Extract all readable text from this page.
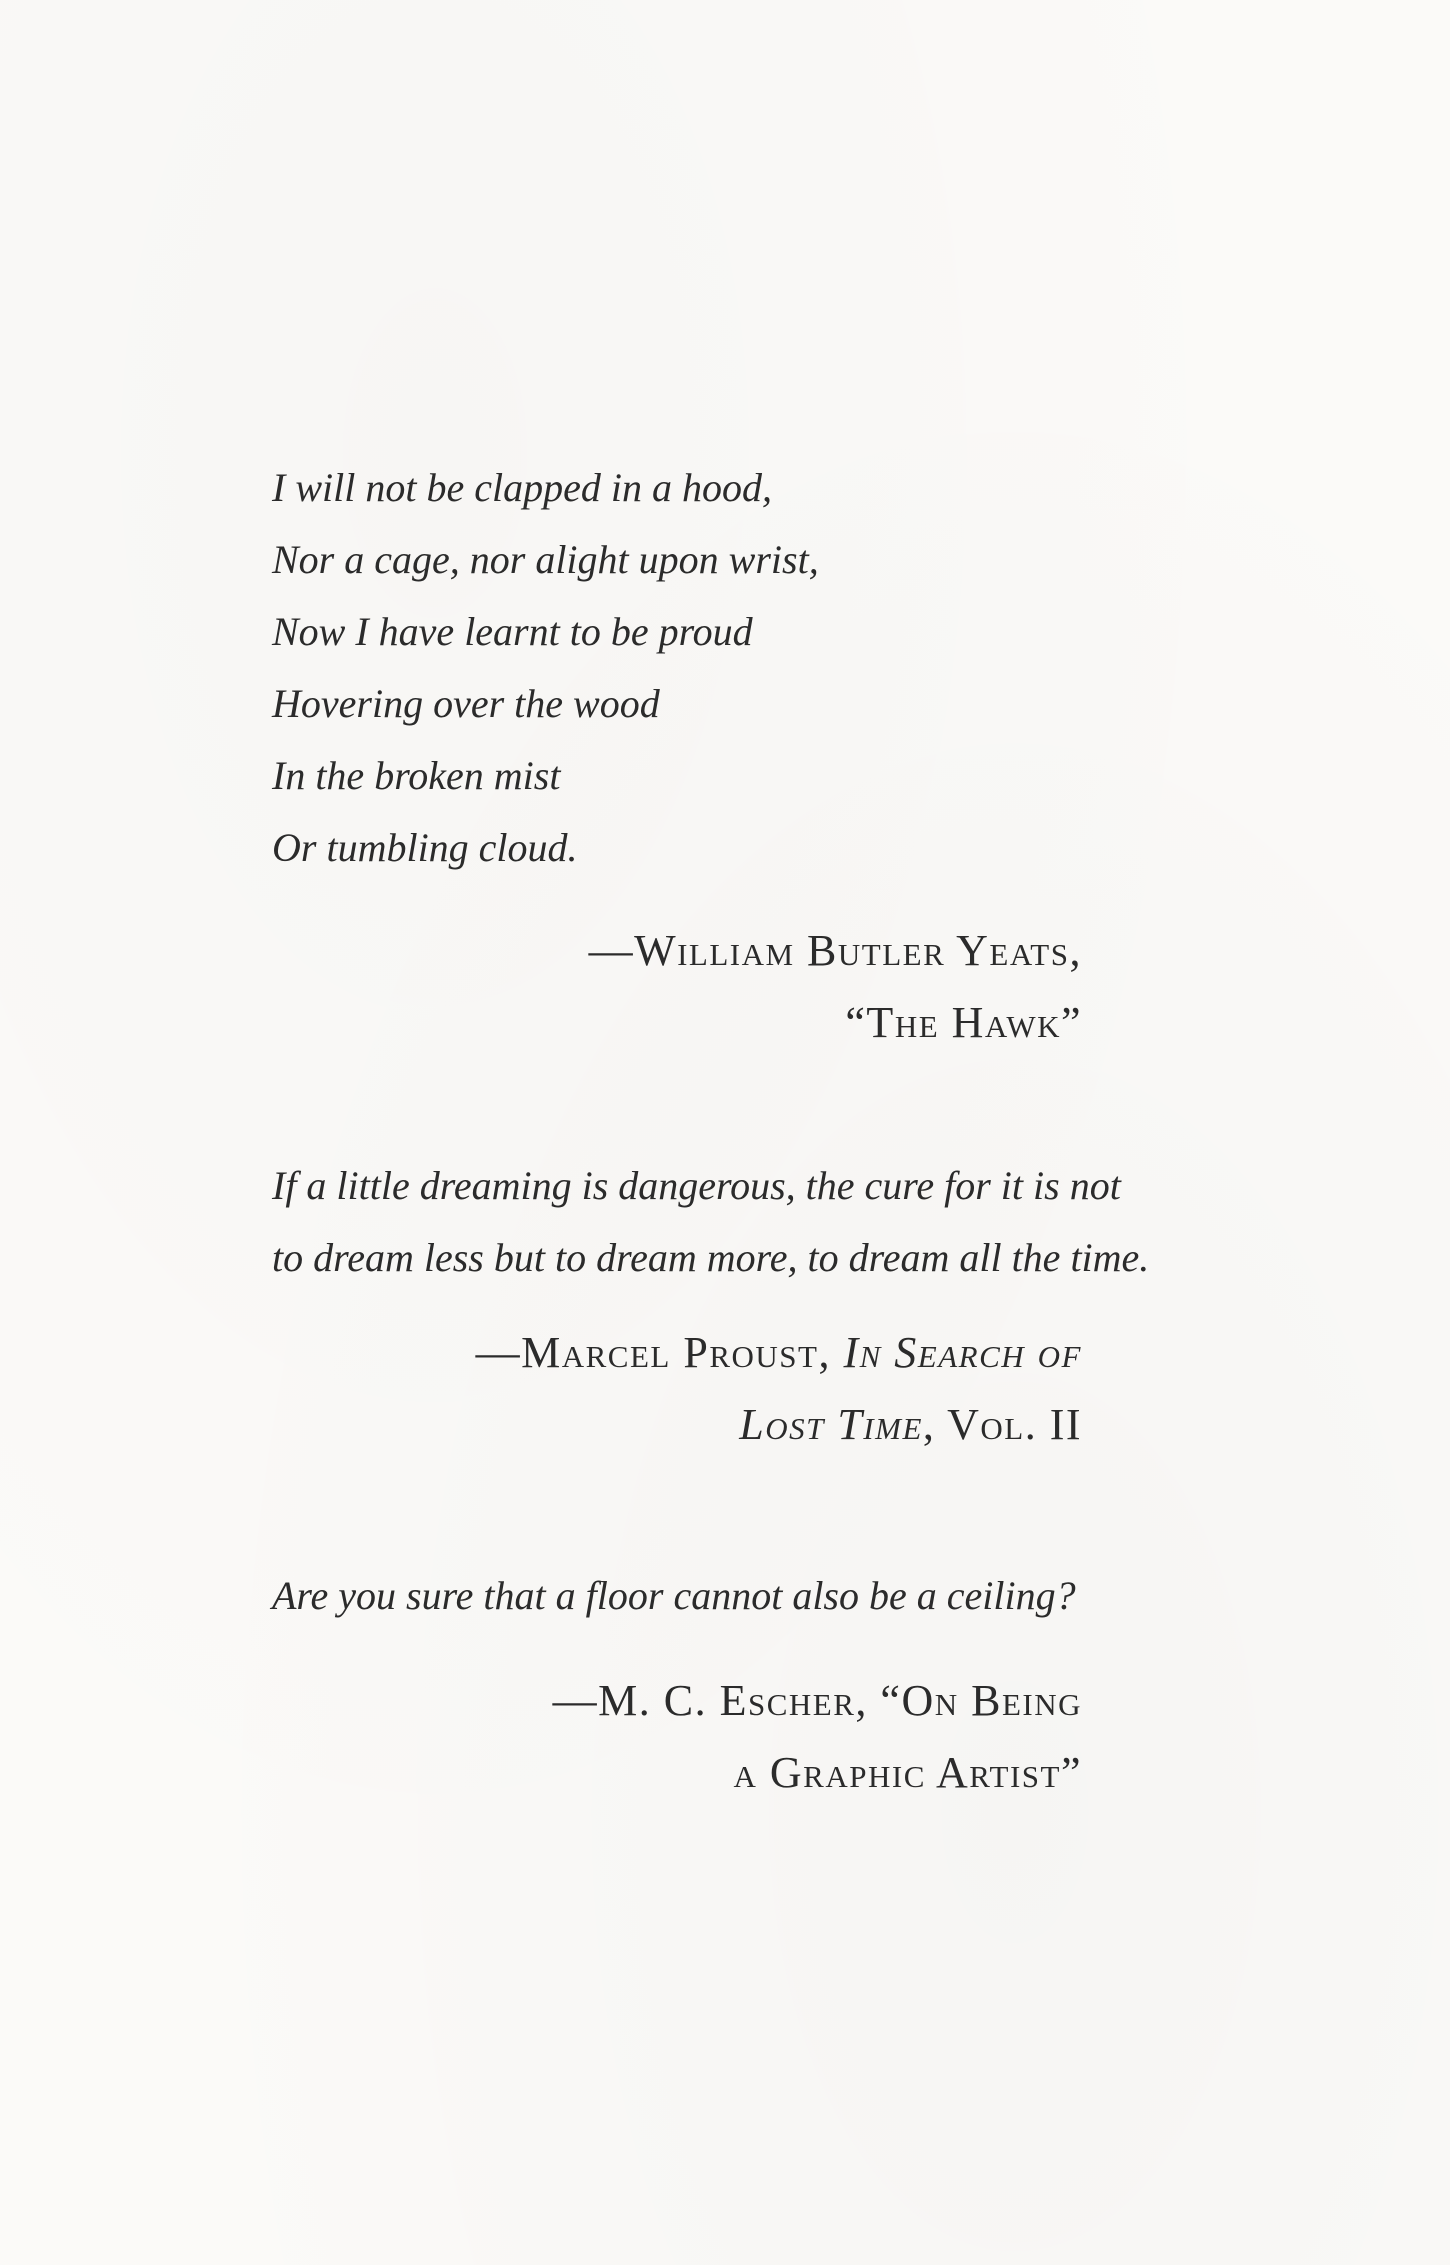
I will not be clapped in a hood,

Nor a cage, nor alight upon wrist,

Now I have learnt to be proud

Hovering over the wood

In the broken mist

Or tumbling cloud.

—William Butler Yeats,

“The Hawk”

If a little dreaming is dangerous, the cure for it is not

to dream less but to dream more, to dream all the time.

—Marcel Proust, In Search of

Lost Time, Vol. II

Are you sure that a floor cannot also be a ceiling?

—M. C. Escher, “On Being

a Graphic Artist”
